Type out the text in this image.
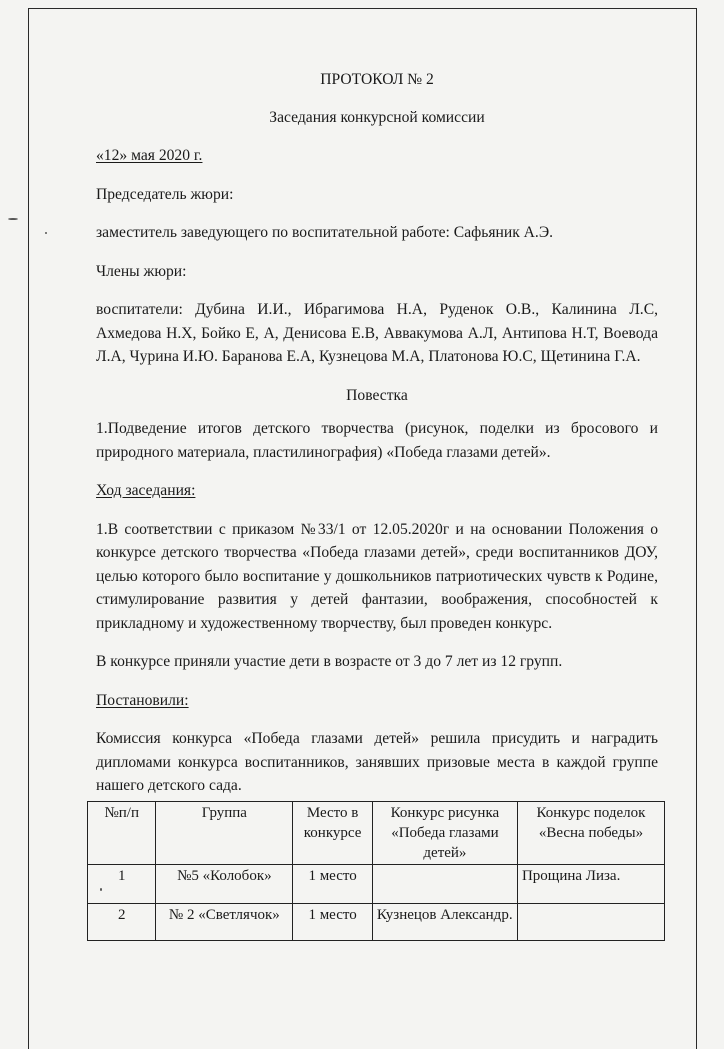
ПРОТОКОЛ № 2
Заседания конкурсной комиссии

«12» мая 2020 г.

Председатель жюри:

заместитель заведующего по воспитательной работе: Сафьяник А.Э.

Члены жюри:

воспитатели: Дубина И.И., Ибрагимова Н.А, Руденок О.В., Калинина Л.С, Ахмедова Н.Х, Бойко Е, А, Денисова Е.В, Аввакумова А.Л, Антипова Н.Т, Воевода Л.А, Чурина И.Ю. Баранова Е.А, Кузнецова М.А, Платонова Ю.С, Щетинина Г.А.

Повестка

1.Подведение итогов детского творчества (рисунок, поделки из бросового и природного материала, пластилинография) «Победа глазами детей».

Ход заседания:

1.В соответствии с приказом №33/1 от 12.05.2020г и на основании Положения о конкурсе детского творчества «Победа глазами детей», среди воспитанников ДОУ, целью которого было воспитание у дошкольников патриотических чувств к Родине, стимулирование развития у детей фантазии, воображения, способностей к прикладному и художественному творчеству, был проведен конкурс.

В конкурсе приняли участие дети в возрасте от 3 до 7 лет из 12 групп.

Постановили:

Комиссия конкурса «Победа глазами детей» решила присудить и наградить дипломами конкурса воспитанников, занявших призовые места в каждой группе нашего детского сада.

№п/п	Группа	Место в конкурсе	Конкурс рисунка «Победа глазами детей»	Конкурс поделок «Весна победы»
1	№5 «Колобок»	1 место		Прощина Лиза.
2	№ 2 «Светлячок»	1 место	Кузнецов Александр.	
